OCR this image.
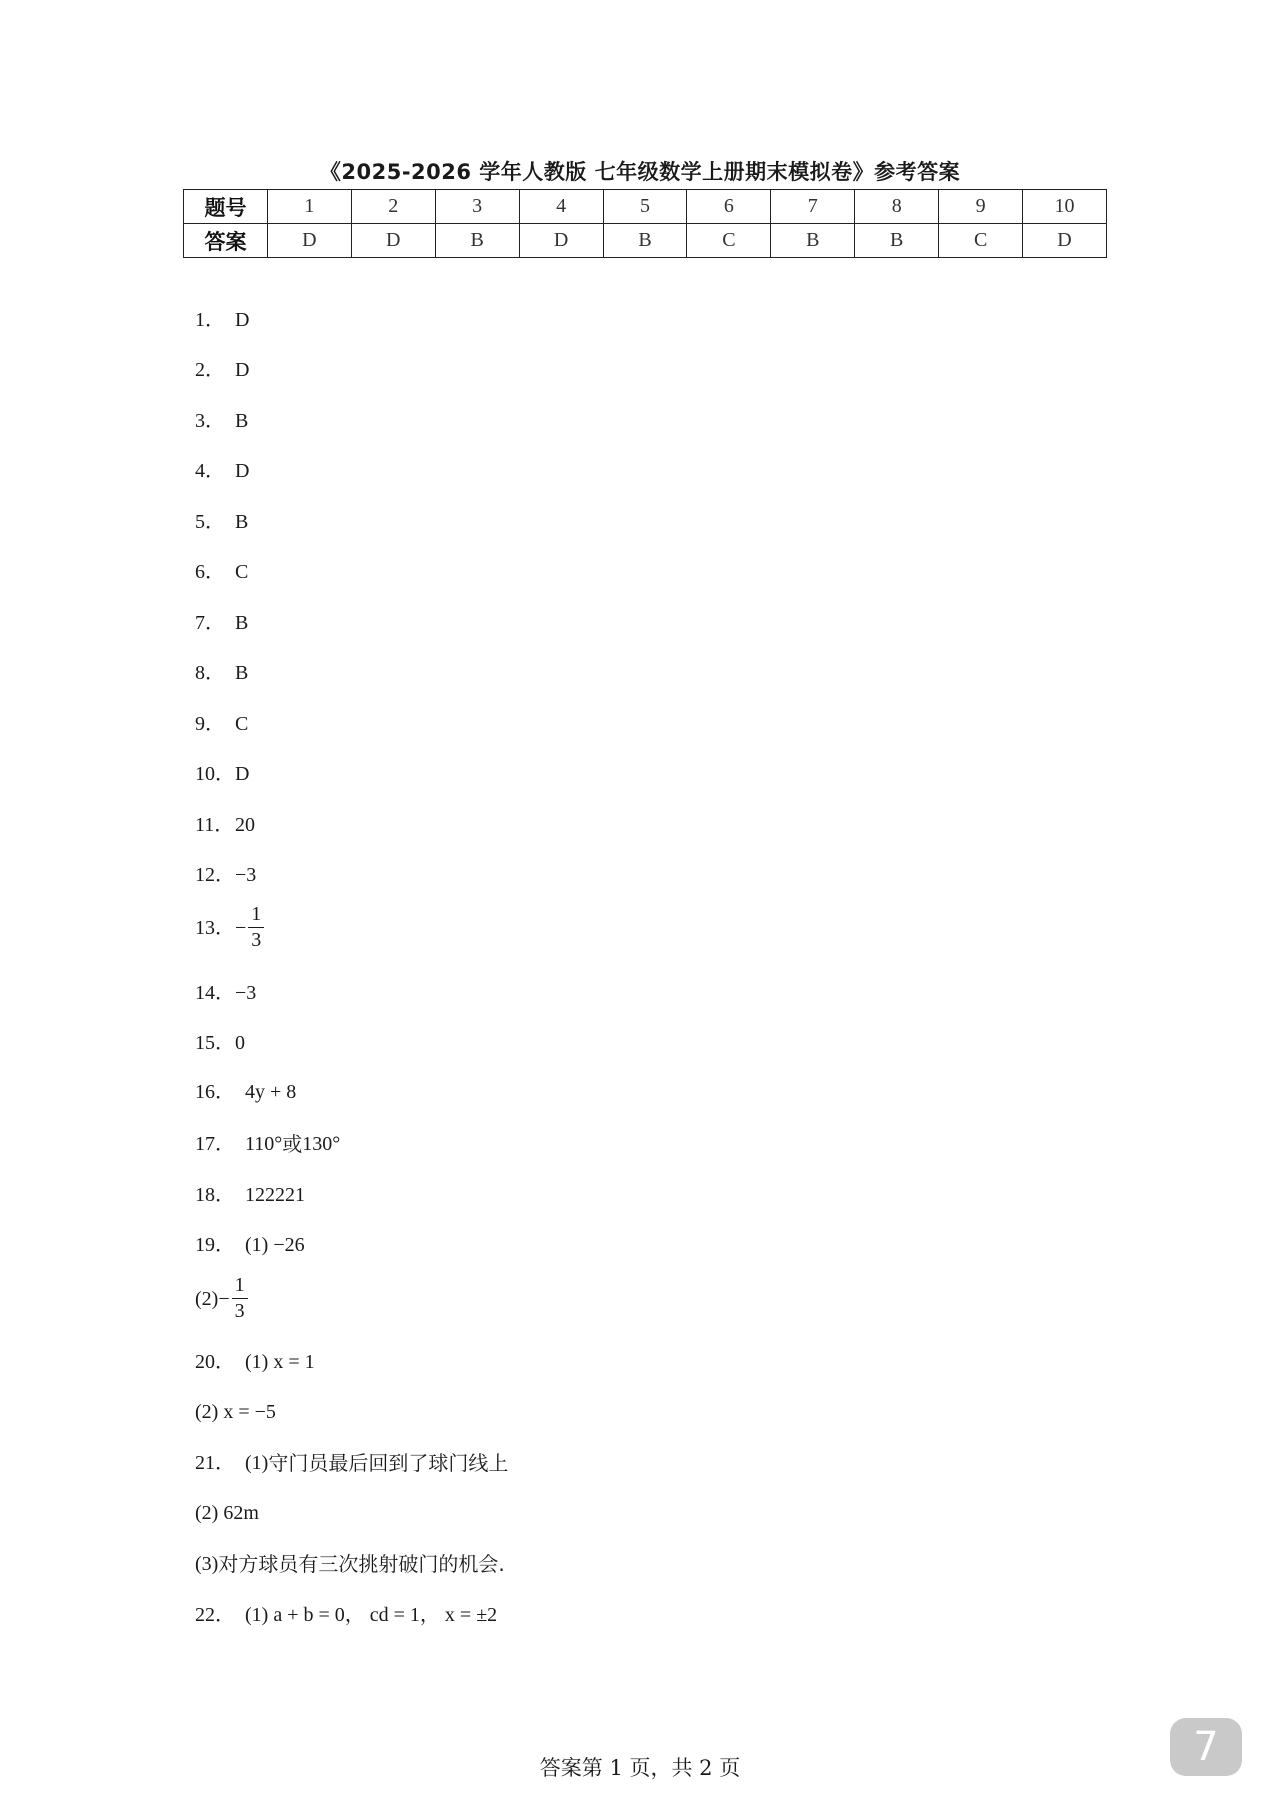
《2025-2026 学年人教版 七年级数学上册期末模拟卷》参考答案
题号	1	2	3	4	5	6	7	8	9	10
答案	D	D	B	D	B	C	B	B	C	D
1． D
2． D
3． B
4． D
5． B
6． C
7． B
8． B
9． C
10． D
11． 20
12． −3
13． − $\frac{1}{3}$
14． −3
15． 0
16． 4y + 8
17． 110° 或 130°
18． 122221
19． (1) −26
$(2) - \frac{1}{3}$
20． (1) x = 1
(2) x = −5
21． (1) 守门员最后回到了球门线上
(2) 62m
(3) 对方球员有三次挑射破门的机会.
22． (1) a + b = 0， cd = 1， x = ±2
答案第 1 页，共 2 页	7
